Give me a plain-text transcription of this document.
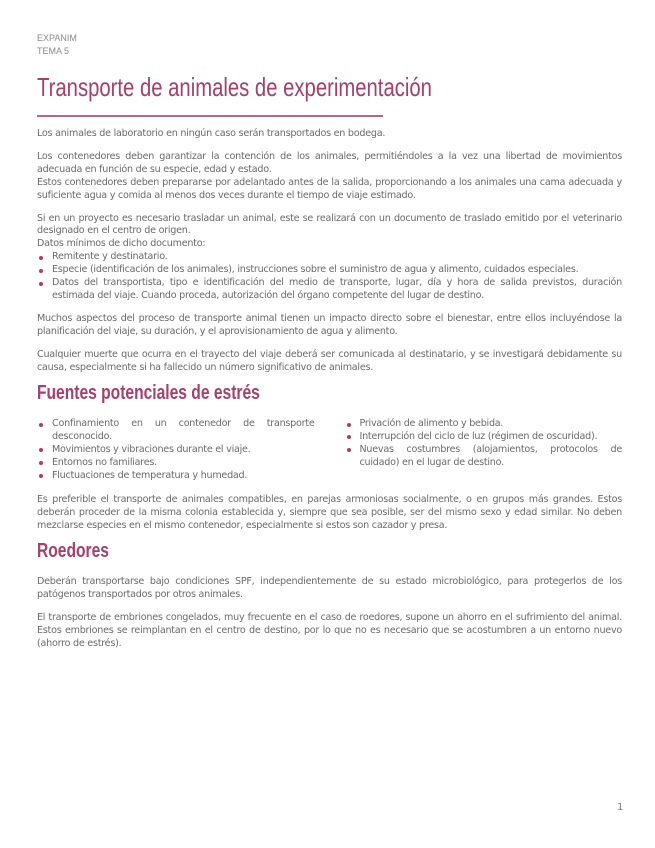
EXPANIM
TEMA 5
Transporte de animales de experimentación

Los animales de laboratorio en ningún caso serán transportados en bodega.

Los contenedores deben garantizar la contención de los animales, permitiéndoles a la vez una libertad de movimientos adecuada en función de su especie, edad y estado.

Estos contenedores deben prepararse por adelantado antes de la salida, proporcionando a los animales una cama adecuada y suficiente agua y comida al menos dos veces durante el tiempo de viaje estimado.

Si en un proyecto es necesario trasladar un animal, este se realizará con un documento de traslado emitido por el veterinario designado en el centro de origen.

Datos mínimos de dicho documento:

Remitente y destinatario.
Especie (identificación de los animales), instrucciones sobre el suministro de agua y alimento, cuidados especiales.
Datos del transportista, tipo e identificación del medio de transporte, lugar, día y hora de salida previstos, duración estimada del viaje. Cuando proceda, autorización del órgano competente del lugar de destino.

Muchos aspectos del proceso de transporte animal tienen un impacto directo sobre el bienestar, entre ellos incluyéndose la planificación del viaje, su duración, y el aprovisionamiento de agua y alimento.

Cualquier muerte que ocurra en el trayecto del viaje deberá ser comunicada al destinatario, y se investigará debidamente su causa, especialmente si ha fallecido un número significativo de animales.

Fuentes potenciales de estrés
Confinamiento en un contenedor de transporte desconocido.
Movimientos y vibraciones durante el viaje.
Entornos no familiares.
Fluctuaciones de temperatura y humedad.
Privación de alimento y bebida.
Interrupción del ciclo de luz (régimen de oscuridad).
Nuevas costumbres (alojamientos, protocolos de cuidado) en el lugar de destino.

Es preferible el transporte de animales compatibles, en parejas armoniosas socialmente, o en grupos más grandes. Estos deberán proceder de la misma colonia establecida y, siempre que sea posible, ser del mismo sexo y edad similar. No deben mezclarse especies en el mismo contenedor, especialmente si estos son cazador y presa.

Roedores

Deberán transportarse bajo condiciones SPF, independientemente de su estado microbiológico, para protegerlos de los patógenos transportados por otros animales.

El transporte de embriones congelados, muy frecuente en el caso de roedores, supone un ahorro en el sufrimiento del animal. Estos embriones se reimplantan en el centro de destino, por lo que no es necesario que se acostumbren a un entorno nuevo (ahorro de estrés).

1
